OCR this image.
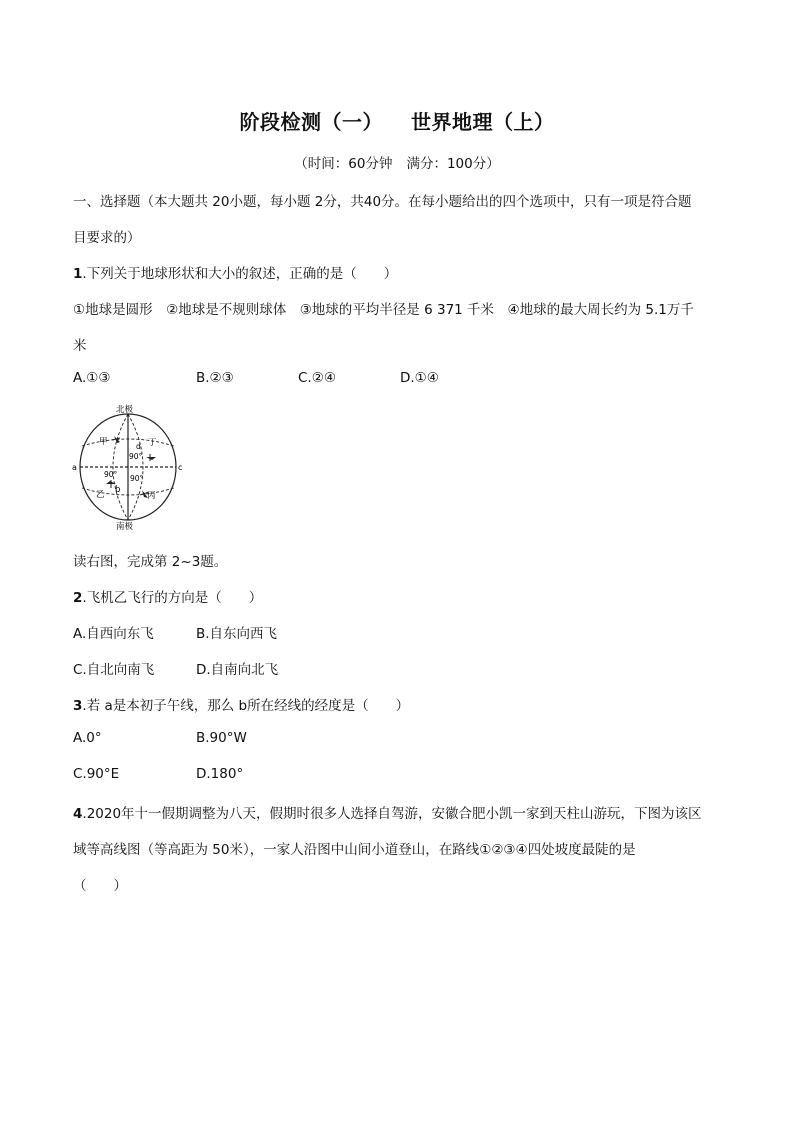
阶段检测（一） 世界地理（上）
（时间：60分钟 满分：100分）
一、选择题（本大题共 20小题，每小题 2分，共40分。在每小题给出的四个选项中，只有一项是符合题
目要求的）
1.下列关于地球形状和大小的叙述，正确的是（　　）
①地球是圆形　②地球是不规则球体　③地球的平均半径是 6 371 千米　④地球的最大周长约为 5.1万千
米
A.①③	B.②③	C.②④	D.①④
北极
南极
a	c
甲	丁
乙	丙
b
d
90°
90° 90°
读右图，完成第 2~3题。
2.飞机乙飞行的方向是（　　）
A.自西向东飞	B.自东向西飞
C.自北向南飞	D.自南向北飞
3.若 a是本初子午线，那么 b所在经线的经度是（　　）
A.0°	B.90°W
C.90°E	D.180°
4.2020年十一假期调整为八天，假期时很多人选择自驾游，安徽合肥小凯一家到天柱山游玩，下图为该区
域等高线图（等高距为 50米），一家人沿图中山间小道登山，在路线①②③④四处坡度最陡的是
（　　）
